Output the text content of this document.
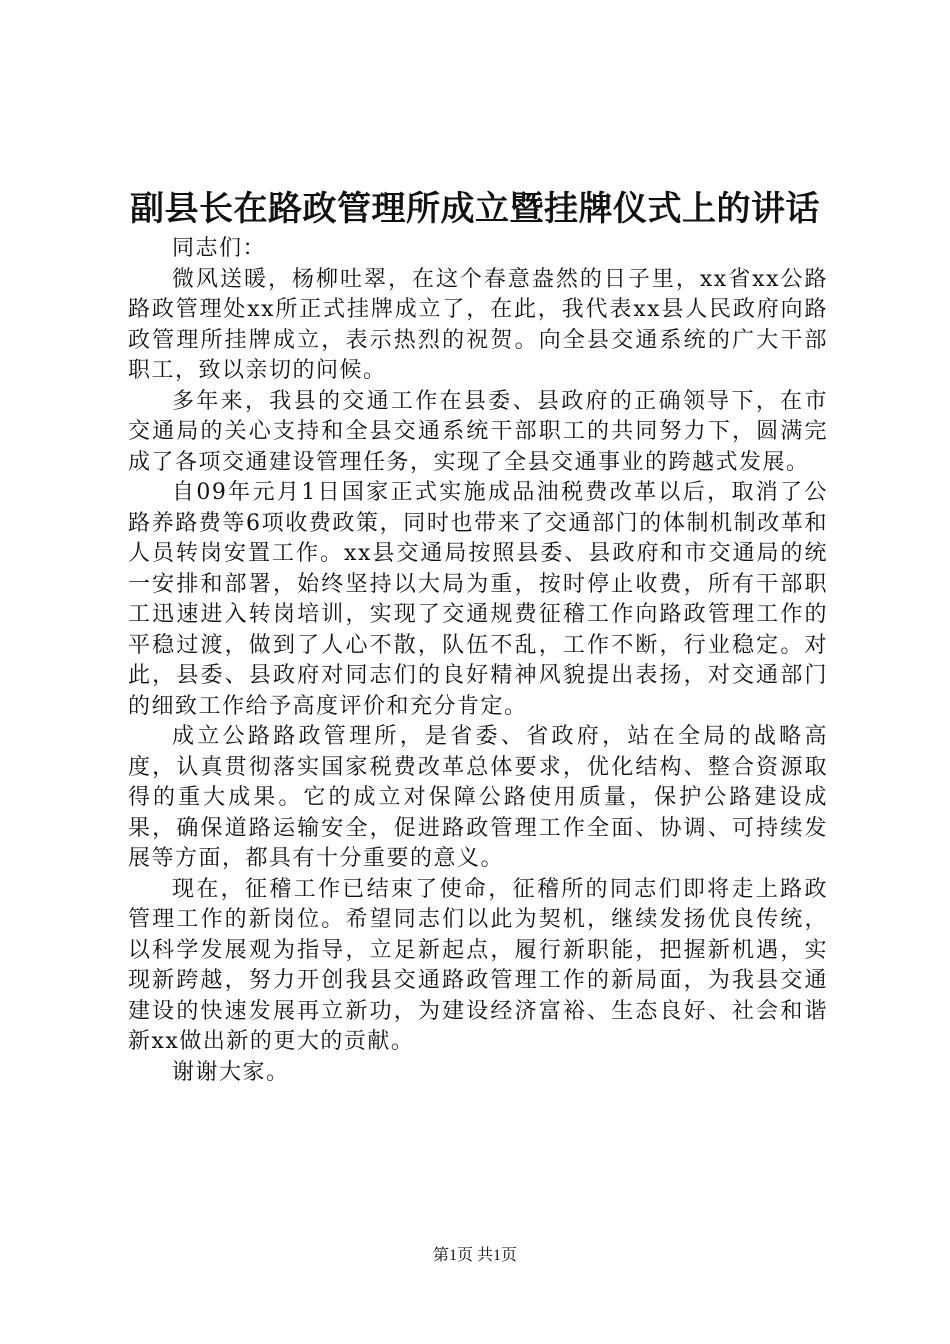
副县长在路政管理所成立暨挂牌仪式上的讲话

同志们：

微风送暖，杨柳吐翠，在这个春意盎然的日子里，xx省xx公路路政管理处xx所正式挂牌成立了，在此，我代表xx县人民政府向路政管理所挂牌成立，表示热烈的祝贺。向全县交通系统的广大干部职工，致以亲切的问候。

多年来，我县的交通工作在县委、县政府的正确领导下，在市交通局的关心支持和全县交通系统干部职工的共同努力下，圆满完成了各项交通建设管理任务，实现了全县交通事业的跨越式发展。

自09年元月1日国家正式实施成品油税费改革以后，取消了公路养路费等6项收费政策，同时也带来了交通部门的体制机制改革和人员转岗安置工作。xx县交通局按照县委、县政府和市交通局的统一安排和部署，始终坚持以大局为重，按时停止收费，所有干部职工迅速进入转岗培训，实现了交通规费征稽工作向路政管理工作的平稳过渡，做到了人心不散，队伍不乱，工作不断，行业稳定。对此，县委、县政府对同志们的良好精神风貌提出表扬，对交通部门的细致工作给予高度评价和充分肯定。

成立公路路政管理所，是省委、省政府，站在全局的战略高度，认真贯彻落实国家税费改革总体要求，优化结构、整合资源取得的重大成果。它的成立对保障公路使用质量，保护公路建设成果，确保道路运输安全，促进路政管理工作全面、协调、可持续发展等方面，都具有十分重要的意义。

现在，征稽工作已结束了使命，征稽所的同志们即将走上路政管理工作的新岗位。希望同志们以此为契机，继续发扬优良传统，以科学发展观为指导，立足新起点，履行新职能，把握新机遇，实现新跨越，努力开创我县交通路政管理工作的新局面，为我县交通建设的快速发展再立新功，为建设经济富裕、生态良好、社会和谐新xx做出新的更大的贡献。

谢谢大家。

第1页 共1页
